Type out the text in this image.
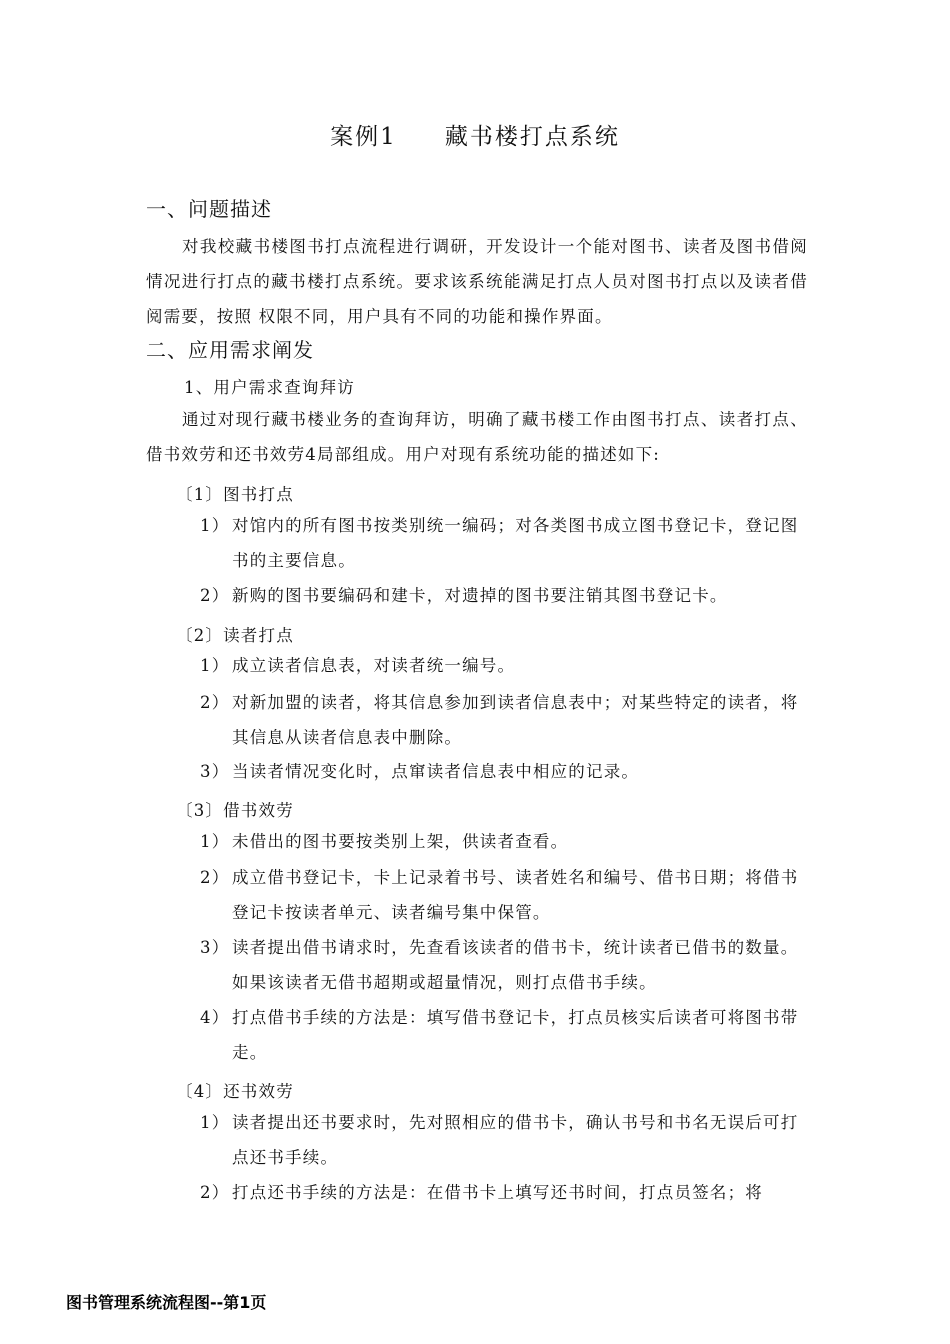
案例1 藏书楼打点系统
一、问题描述
对我校藏书楼图书打点流程进行调研，开发设计一个能对图书、读者及图书借阅情况进行打点的藏书楼打点系统。要求该系统能满足打点人员对图书打点以及读者借阅需要，按照 权限不同，用户具有不同的功能和操作界面。
二、应用需求阐发
1、用户需求查询拜访
通过对现行藏书楼业务的查询拜访，明确了藏书楼工作由图书打点、读者打点、借书效劳和还书效劳4局部组成。用户对现有系统功能的描述如下:
〔1〕图书打点
1） 对馆内的所有图书按类别统一编码；对各类图书成立图书登记卡，登记图书的主要信息。
2） 新购的图书要编码和建卡，对遗掉的图书要注销其图书登记卡。
〔2〕读者打点
1） 成立读者信息表，对读者统一编号。
2） 对新加盟的读者，将其信息参加到读者信息表中；对某些特定的读者，将其信息从读者信息表中删除。
3） 当读者情况变化时，点窜读者信息表中相应的记录。
〔3〕借书效劳
1） 未借出的图书要按类别上架，供读者查看。
2） 成立借书登记卡，卡上记录着书号、读者姓名和编号、借书日期；将借书登记卡按读者单元、读者编号集中保管。
3） 读者提出借书请求时，先查看该读者的借书卡，统计读者已借书的数量。如果该读者无借书超期或超量情况，则打点借书手续。
4） 打点借书手续的方法是：填写借书登记卡，打点员核实后读者可将图书带走。
〔4〕还书效劳
1） 读者提出还书要求时，先对照相应的借书卡，确认书号和书名无误后可打点还书手续。
2） 打点还书手续的方法是：在借书卡上填写还书时间，打点员签名；将
图书管理系统流程图--第1页
